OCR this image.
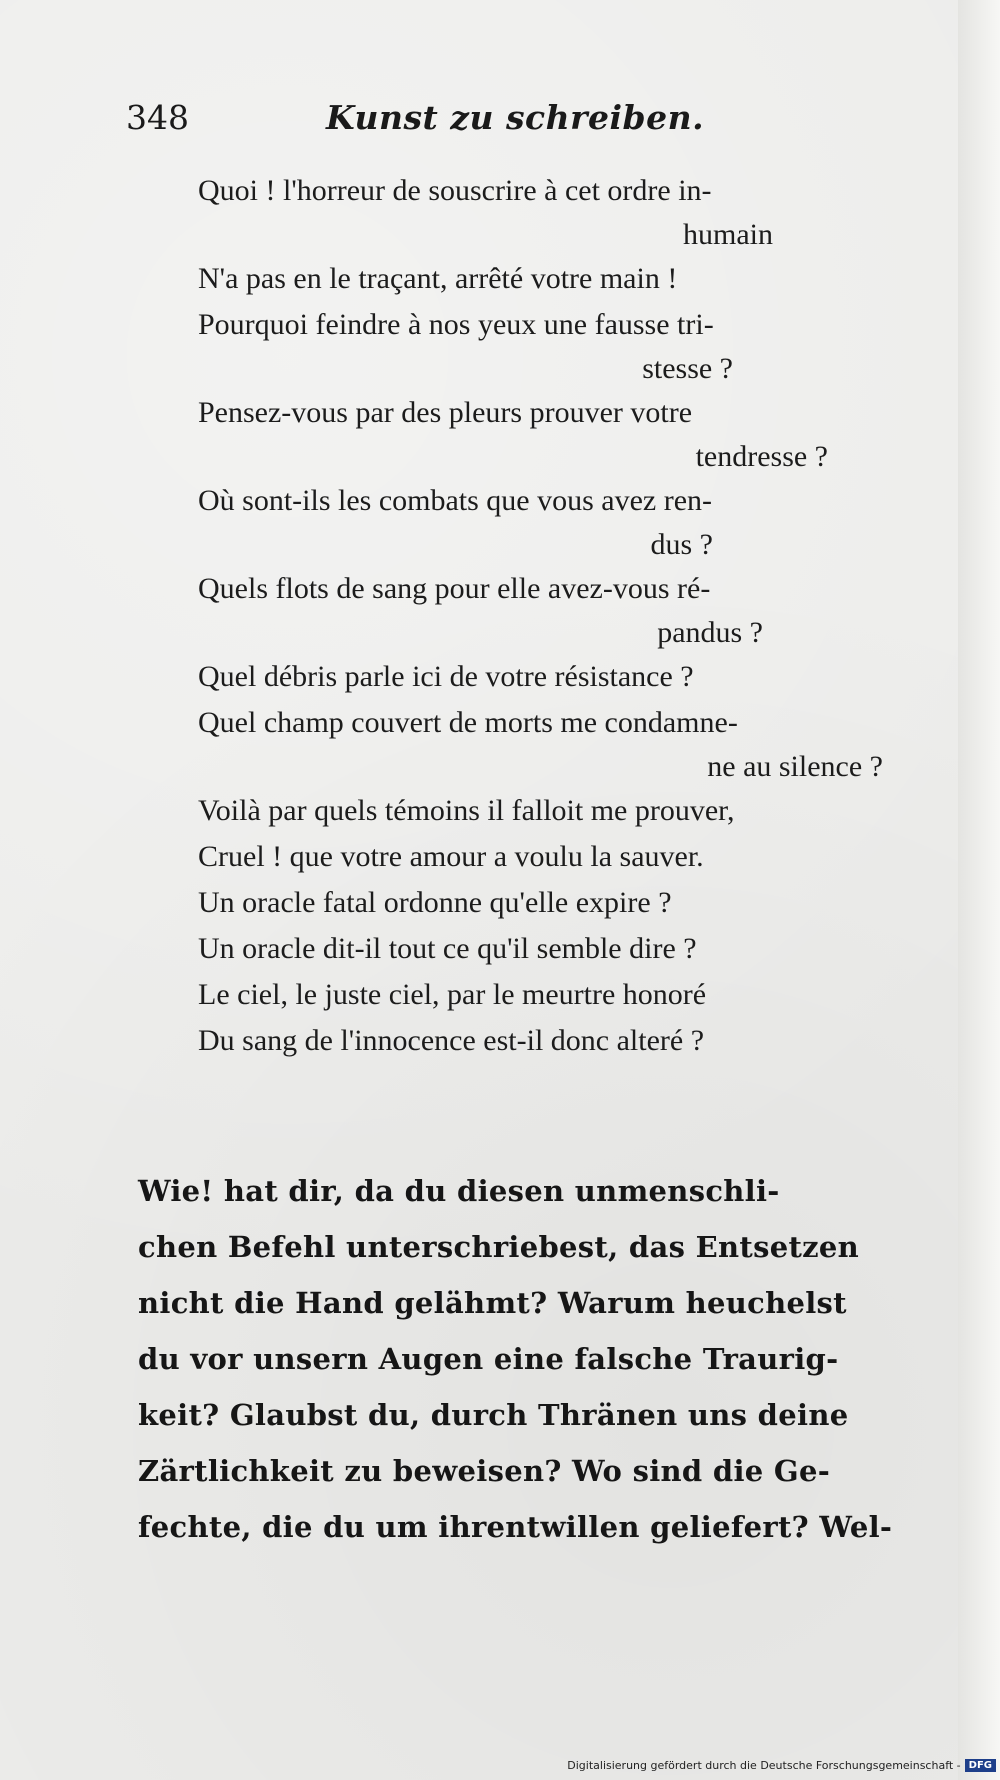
348	Kunst zu schreiben.
Quoi ! l'horreur de souscrire à cet ordre in-
humain
N'a pas en le traçant, arrêté votre main !
Pourquoi feindre à nos yeux une fausse tri-
stesse ?
Pensez-vous par des pleurs prouver votre
tendresse ?
Où sont-ils les combats que vous avez ren-
dus ?
Quels flots de sang pour elle avez-vous ré-
pandus ?
Quel débris parle ici de votre résistance ?
Quel champ couvert de morts me condamne-
ne au silence ?
Voilà par quels témoins il falloit me prouver,
Cruel ! que votre amour a voulu la sauver.
Un oracle fatal ordonne qu'elle expire ?
Un oracle dit-il tout ce qu'il semble dire ?
Le ciel, le juste ciel, par le meurtre honoré
Du sang de l'innocence est-il donc alteré ?
Wie! hat dir, da du diesen unmenschli-
chen Befehl unterschriebest, das Entsetzen
nicht die Hand gelähmt? Warum heuchelst
du vor unsern Augen eine falsche Traurig-
keit? Glaubst du, durch Thränen uns deine
Zärtlichkeit zu beweisen? Wo sind die Ge-
fechte, die du um ihrentwillen geliefert? Wel-
Digitalisierung gefördert durch die Deutsche Forschungsgemeinschaft - DFG
